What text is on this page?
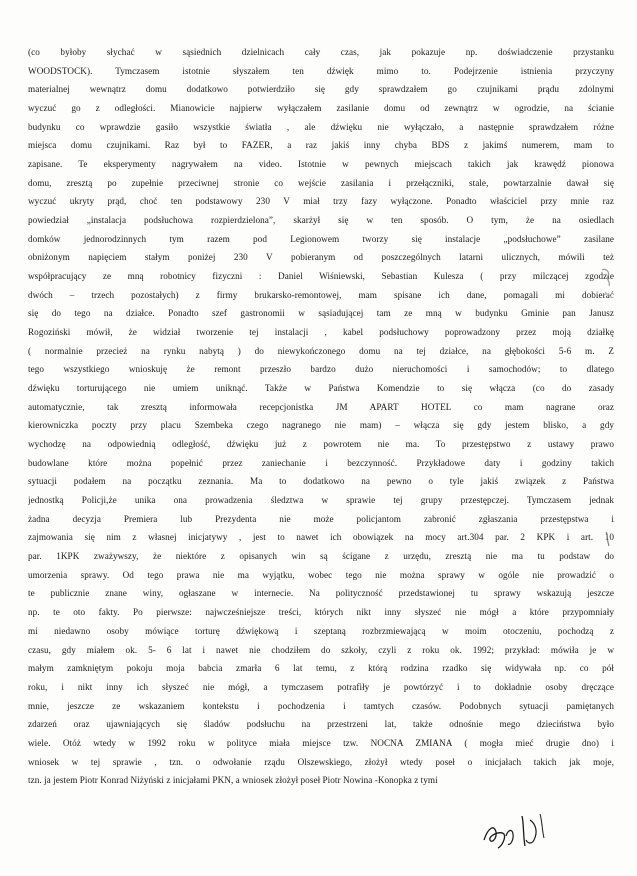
(co byłoby słychać w sąsiednich dzielnicach cały czas, jak pokazuje np. doświadczenie przystanku
WOODSTOCK). Tymczasem istotnie słyszałem ten dźwięk mimo to. Podejrzenie istnienia przyczyny
materialnej wewnątrz domu dodatkowo potwierdziło się gdy sprawdzałem go czujnikami prądu zdolnymi
wyczuć go z odległości. Mianowicie najpierw wyłączałem zasilanie domu od zewnątrz w ogrodzie, na ścianie
budynku co wprawdzie gasiło wszystkie światła , ale dźwięku nie wyłączało, a następnie sprawdzałem różne
miejsca domu czujnikami. Raz był to FAZER, a raz jakiś inny chyba BDS z jakimś numerem, mam to
zapisane. Te eksperymenty nagrywałem na video. Istotnie w pewnych miejscach takich jak krawędź pionowa
domu, zresztą po zupełnie przeciwnej stronie co wejście zasilania i przełączniki, stale, powtarzalnie dawał się
wyczuć ukryty prąd, choć ten podstawowy 230 V miał trzy fazy wyłączone. Ponadto właściciel przy mnie raz
powiedział „instalacja podsłuchowa rozpierdzielona”, skarżył się w ten sposób. O tym, że na osiedlach
domków jednorodzinnych tym razem pod Legionowem tworzy się instalacje „podsłuchowe” zasilane
obniżonym napięciem stałym poniżej 230 V pobieranym od poszczególnych latarni ulicznych, mówili też
współpracujący ze mną robotnicy fizyczni : Daniel Wiśniewski, Sebastian Kulesza ( przy milczącej zgodzie
dwóch – trzech pozostałych) z firmy brukarsko-remontowej, mam spisane ich dane, pomagali mi dobierać
się do tego na działce. Ponadto szef gastronomii w sąsiadującej tam ze mną w budynku Gminie pan Janusz
Rogoziński mówił, że widział tworzenie tej instalacji , kabel podsłuchowy poprowadzony przez moją działkę
( normalnie przecież na rynku nabytą ) do niewykończonego domu na tej działce, na głębokości 5-6 m. Z
tego wszystkiego wnioskuję że remont przeszło bardzo dużo nieruchomości i samochodów; to dlatego
dźwięku torturującego nie umiem uniknąć. Także w Państwa Komendzie to się włącza (co do zasady
automatycznie, tak zresztą informowała recepcjonistka JM APART HOTEL co mam nagrane oraz
kierowniczka poczty przy placu Szembeka czego nagranego nie mam) – włącza się gdy jestem blisko, a gdy
wychodzę na odpowiednią odległość, dźwięku już z powrotem nie ma. To przestępstwo z ustawy prawo
budowlane które można popełnić przez zaniechanie i bezczynność. Przykładowe daty i godziny takich
sytuacji podałem na początku zeznania. Ma to dodatkowo na pewno o tyle jakiś związek z Państwa
jednostką Policji,że unika ona prowadzenia śledztwa w sprawie tej grupy przestępczej. Tymczasem jednak
żadna decyzja Premiera lub Prezydenta nie może policjantom zabronić zgłaszania przestępstwa i
zajmowania się nim z własnej inicjatywy , jest to nawet ich obowiązek na mocy art.304 par. 2 KPK i art. 10
par. 1KPK zważywszy, że niektóre z opisanych win są ścigane z urzędu, zresztą nie ma tu podstaw do
umorzenia sprawy. Od tego prawa nie ma wyjątku, wobec tego nie można sprawy w ogóle nie prowadzić o
te publicznie znane winy, ogłaszane w internecie. Na polityczność przedstawionej tu sprawy wskazują jeszcze
np. te oto fakty. Po pierwsze: najwcześniejsze treści, których nikt inny słyszeć nie mógł a które przypomniały
mi niedawno osoby mówiące torturę dźwiękową i szeptaną rozbrzmiewającą w moim otoczeniu, pochodzą z
czasu, gdy miałem ok. 5- 6 lat i nawet nie chodziłem do szkoły, czyli z roku ok. 1992; przykład: mówiła je w
małym zamkniętym pokoju moja babcia zmarła 6 lat temu, z którą rodzina rzadko się widywała np. co pół
roku, i nikt inny ich słyszeć nie mógł, a tymczasem potrafiły je powtórzyć i to dokładnie osoby dręczące
mnie, jeszcze ze wskazaniem kontekstu i pochodzenia i tamtych czasów. Podobnych sytuacji pamiętanych
zdarzeń oraz ujawniających się śladów podsłuchu na przestrzeni lat, także odnośnie mego dzieciństwa było
wiele. Otóż wtedy w 1992 roku w polityce miała miejsce tzw. NOCNA ZMIANA ( mogła mieć drugie dno) i
wniosek w tej sprawie , tzn. o odwołanie rządu Olszewskiego, złożył wtedy poseł o inicjałach takich jak moje,
tzn. ja jestem Piotr Konrad Niżyński z inicjałami PKN, a wniosek złożył poseł Piotr Nowina -Konopka z tymi
